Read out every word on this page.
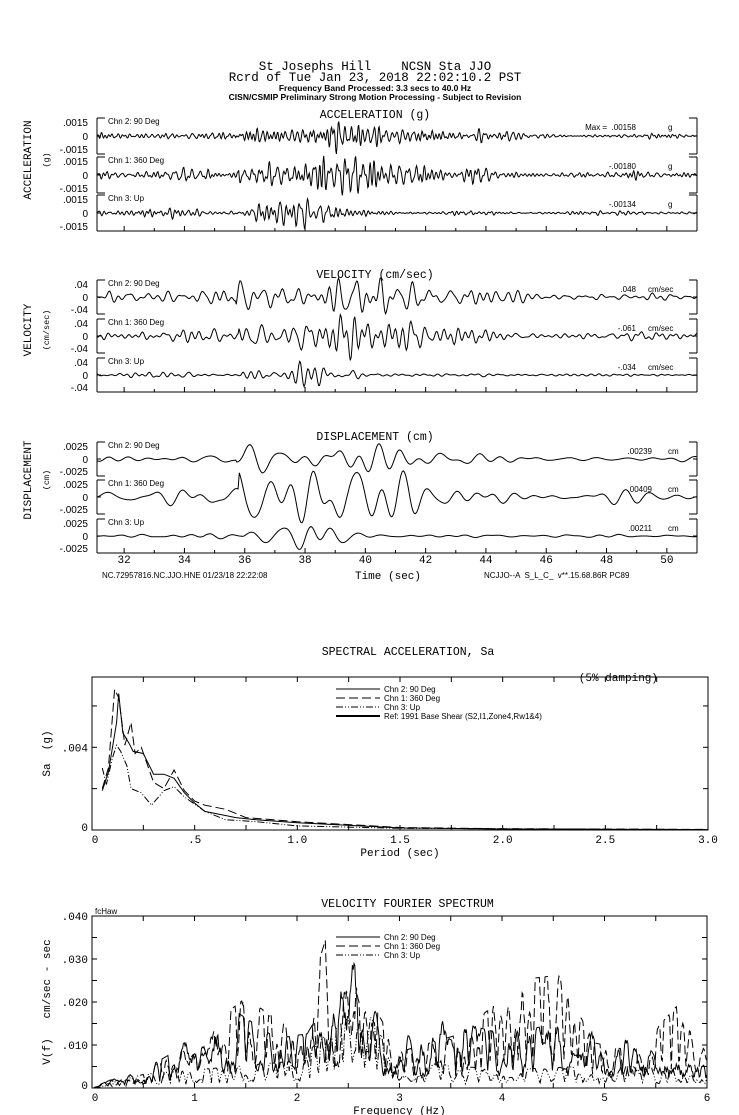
St Josephs Hill    NCSN Sta JJO
Rcrd of Tue Jan 23, 2018 22:02:10.2 PST
Frequency Band Processed: 3.3 secs to 40.0 Hz
CISN/CSMIP Preliminary Strong Motion Processing - Subject to Revision
ACCELERATION (g)
VELOCITY (cm/sec)
DISPLACEMENT (cm)
NC.72957816.NC.JJO.HNE 01/23/18 22:22:08	Time (sec)	NCJJO--A  S_L_C_  v**.15.68.86R PC89
ACCELERATION (g)
.0015
0
-.0015
Chn 2: 90 Deg
Max =  .00158	g
.0015
0
-.0015
Chn 1: 360 Deg
-.00180	g
.0015
0
-.0015
Chn 3: Up
-.00134	g
VELOCITY (cm/sec)
.04
0
-.04
Chn 2: 90 Deg
.048 cm/sec
.04
0
-.04
Chn 1: 360 Deg
-.061 cm/sec
.04
0
-.04
Chn 3: Up
-.034 cm/sec
DISPLACEMENT (cm)
.0025
0
-.0025
Chn 2: 90 Deg
.00239 cm
.0025
0
-.0025
Chn 1: 360 Deg
.00409 cm
.0025
0
-.0025
Chn 3: Up
.00211 cm
32	34	36	38	40	42	44	46	48	50
SPECTRAL ACCELERATION, Sa
0	.5	1.0	1.5	2.0	2.5	3.0
0
.004
Period (sec)
Sa  (g)
Chn 2: 90 Deg
Chn 1: 360 Deg
Chn 3: Up
Ref: 1991 Base Shear (S2,I1,Zone4,Rw1&4)
(5% damping)
VELOCITY FOURIER SPECTRUM
0	1	2	3	4	5	6
0
.010
.020
.030
.040
Frequency (Hz)
V(f)   cm/sec - sec
Chn 2: 90 Deg
Chn 1: 360 Deg
Chn 3: Up
fcHaw
